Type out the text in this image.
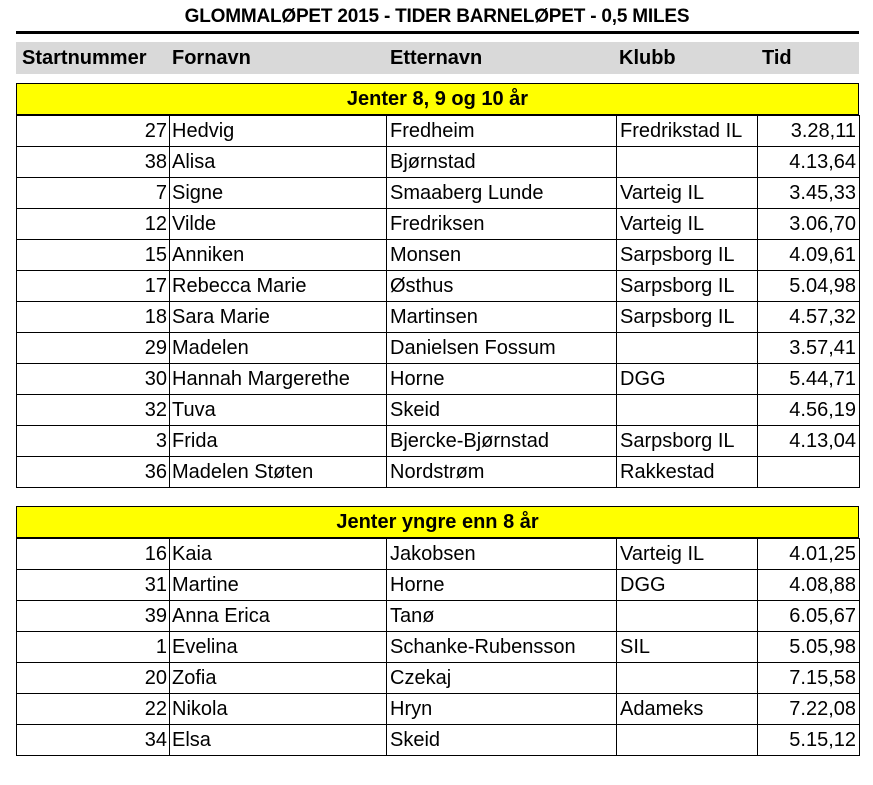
GLOMMALØPET 2015 - TIDER BARNELØPET - 0,5 MILES
Startnummer Fornavn	Etternavn	Klubb	Tid
Jenter 8, 9 og 10 år
27	Hedvig	Fredheim	Fredrikstad IL	3.28,11
38	Alisa	Bjørnstad		4.13,64
7	Signe	Smaaberg Lunde	Varteig IL	3.45,33
12	Vilde	Fredriksen	Varteig IL	3.06,70
15	Anniken	Monsen	Sarpsborg IL	4.09,61
17	Rebecca Marie	Østhus	Sarpsborg IL	5.04,98
18	Sara Marie	Martinsen	Sarpsborg IL	4.57,32
29	Madelen	Danielsen Fossum		3.57,41
30	Hannah Margerethe	Horne	DGG	5.44,71
32	Tuva	Skeid		4.56,19
3	Frida	Bjercke-Bjørnstad	Sarpsborg IL	4.13,04
36	Madelen Støten	Nordstrøm	Rakkestad	
Jenter yngre enn 8 år
16	Kaia	Jakobsen	Varteig IL	4.01,25
31	Martine	Horne	DGG	4.08,88
39	Anna Erica	Tanø		6.05,67
1	Evelina	Schanke-Rubensson	SIL	5.05,98
20	Zofia	Czekaj		7.15,58
22	Nikola	Hryn	Adameks	7.22,08
34	Elsa	Skeid		5.15,12
